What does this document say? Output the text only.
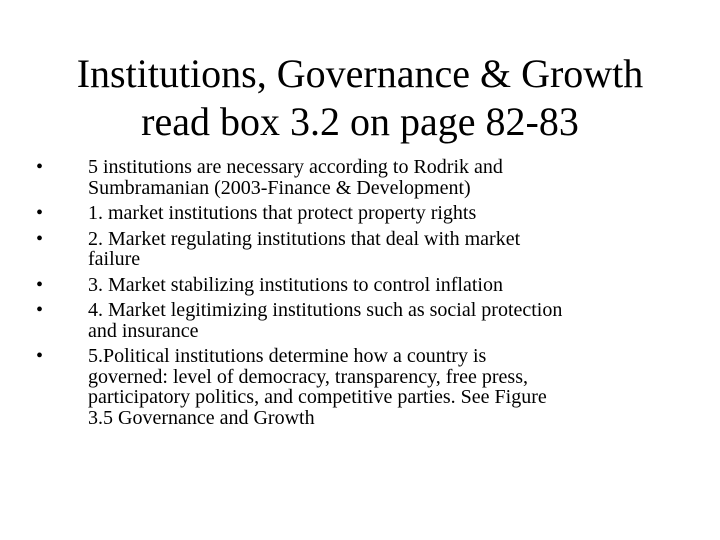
Institutions, Governance & Growth
read box 3.2 on page 82-83
•	5 institutions are necessary according to Rodrik and
Sumbramanian (2003-Finance & Development)
•	1. market institutions that protect property rights
•	2. Market regulating institutions that deal with market
failure
•	3. Market stabilizing institutions to control inflation
•	4. Market legitimizing institutions such as social protection
and insurance
•	5.Political institutions determine how a country is
governed: level of democracy, transparency, free press,
participatory politics, and competitive parties. See Figure
3.5 Governance and Growth
